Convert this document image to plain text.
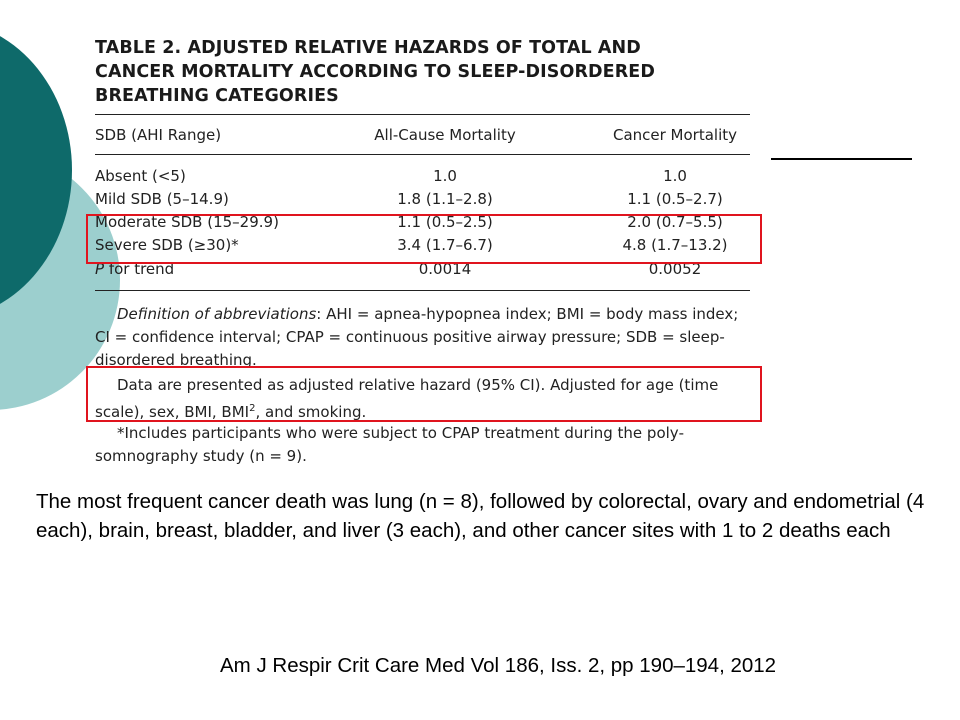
TABLE 2. ADJUSTED RELATIVE HAZARDS OF TOTAL AND

CANCER MORTALITY ACCORDING TO SLEEP-DISORDERED

BREATHING CATEGORIES

SDB (AHI Range)	All-Cause Mortality	Cancer Mortality
Absent (<5)	1.0	1.0
Mild SDB (5–14.9)	1.8 (1.1–2.8)	1.1 (0.5–2.7)
Moderate SDB (15–29.9)	1.1 (0.5–2.5)	2.0 (0.7–5.5)
Severe SDB (≥30)*	3.4 (1.7–6.7)	4.8 (1.7–13.2)
P for trend	0.0014	0.0052

Definition of abbreviations: AHI = apnea-hypopnea index; BMI = body mass index; CI = confidence interval; CPAP = continuous positive airway pressure; SDB = sleep-disordered breathing.

Data are presented as adjusted relative hazard (95% CI). Adjusted for age (time scale), sex, BMI, BMI$^2$, and smoking.

*Includes participants who were subject to CPAP treatment during the polysomnography study (n = 9).

The most frequent cancer death was lung (n = 8), followed by colorectal, ovary and endometrial (4 each), brain, breast, bladder, and liver (3 each), and other cancer sites with 1 to 2 deaths each

Am J Respir Crit Care Med Vol 186, Iss. 2, pp 190–194, 2012
